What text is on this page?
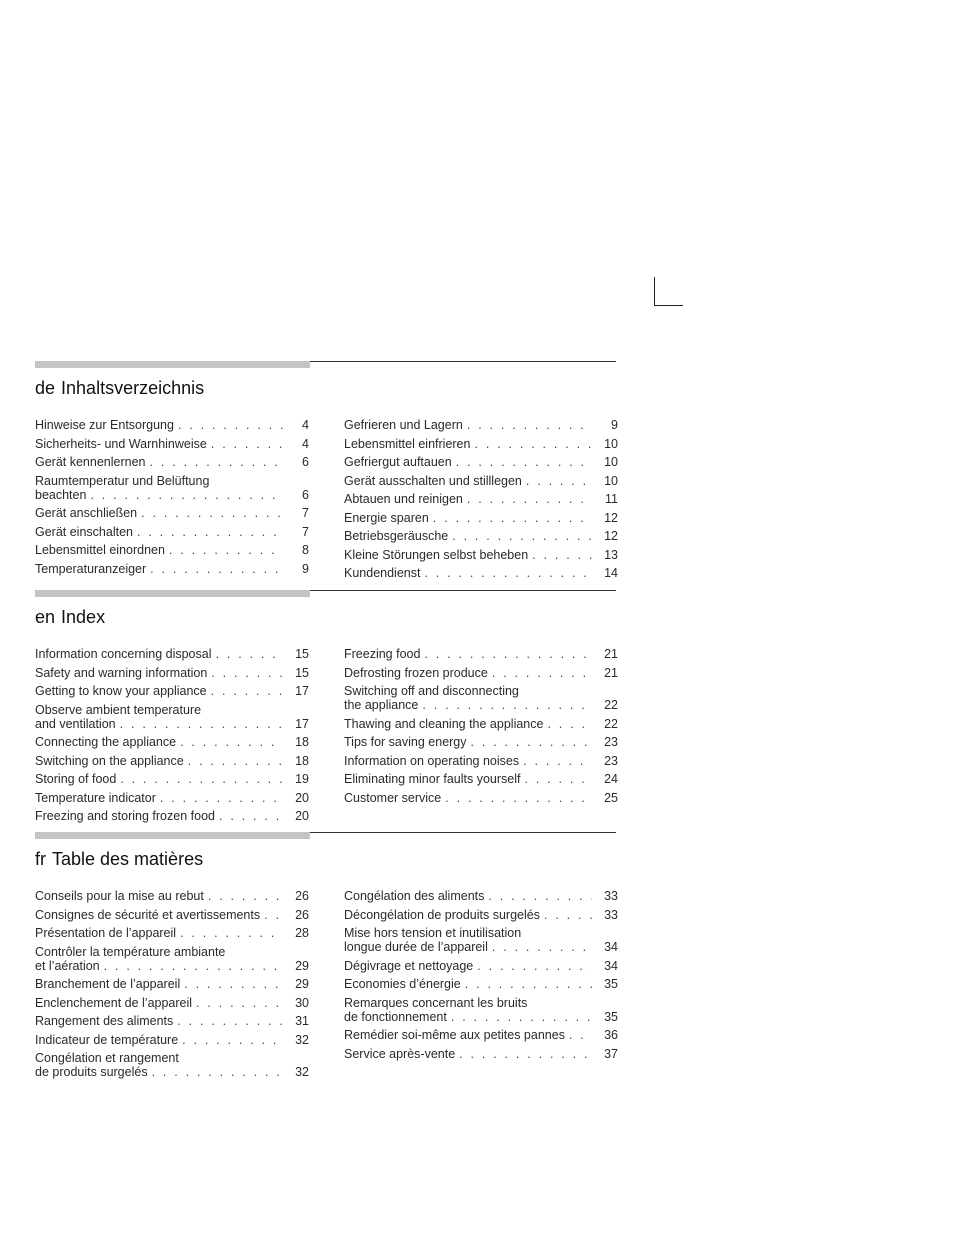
de Inhaltsverzeichnis
Hinweise zur Entsorgung . . .	4
Sicherheits- und Warnhinweise . . .	4
Gerät kennenlernen . . .	6
Raumtemperatur und Belüftung
beachten . . .	6
Gerät anschließen . . .	7
Gerät einschalten . . .	7
Lebensmittel einordnen . . .	8
Temperaturanzeiger . . .	9
Gefrieren und Lagern . . .	9
Lebensmittel einfrieren . . .	10
Gefriergut auftauen . . .	10
Gerät ausschalten und stilllegen . . .	10
Abtauen und reinigen . . .	11
Energie sparen . . .	12
Betriebsgeräusche . . .	12
Kleine Störungen selbst beheben . . .	13
Kundendienst . . .	14
en Index
Information concerning disposal . . .	15
Safety and warning information . . .	15
Getting to know your appliance . . .	17
Observe ambient temperature
and ventilation . . .	17
Connecting the appliance . . .	18
Switching on the appliance . . .	18
Storing of food . . .	19
Temperature indicator . . .	20
Freezing and storing frozen food . . .	20
Freezing food . . .	21
Defrosting frozen produce . . .	21
Switching off and disconnecting
the appliance . . .	22
Thawing and cleaning the appliance . . .	22
Tips for saving energy . . .	23
Information on operating noises . . .	23
Eliminating minor faults yourself . . .	24
Customer service . . .	25
fr Table des matières
Conseils pour la mise au rebut . . .	26
Consignes de sécurité et avertissements . . .	26
Présentation de l’appareil . . .	28
Contrôler la température ambiante
et l’aération . . .	29
Branchement de l’appareil . . .	29
Enclenchement de l’appareil . . .	30
Rangement des aliments . . .	31
Indicateur de température . . .	32
Congélation et rangement
de produits surgelés . . .	32
Congélation des aliments . . .	33
Décongélation de produits surgelés . . .	33
Mise hors tension et inutilisation
longue durée de l’appareil . . .	34
Dégivrage et nettoyage . . .	34
Economies d’énergie . . .	35
Remarques concernant les bruits
de fonctionnement . . .	35
Remédier soi-même aux petites pannes . . .	36
Service après-vente . . .	37
